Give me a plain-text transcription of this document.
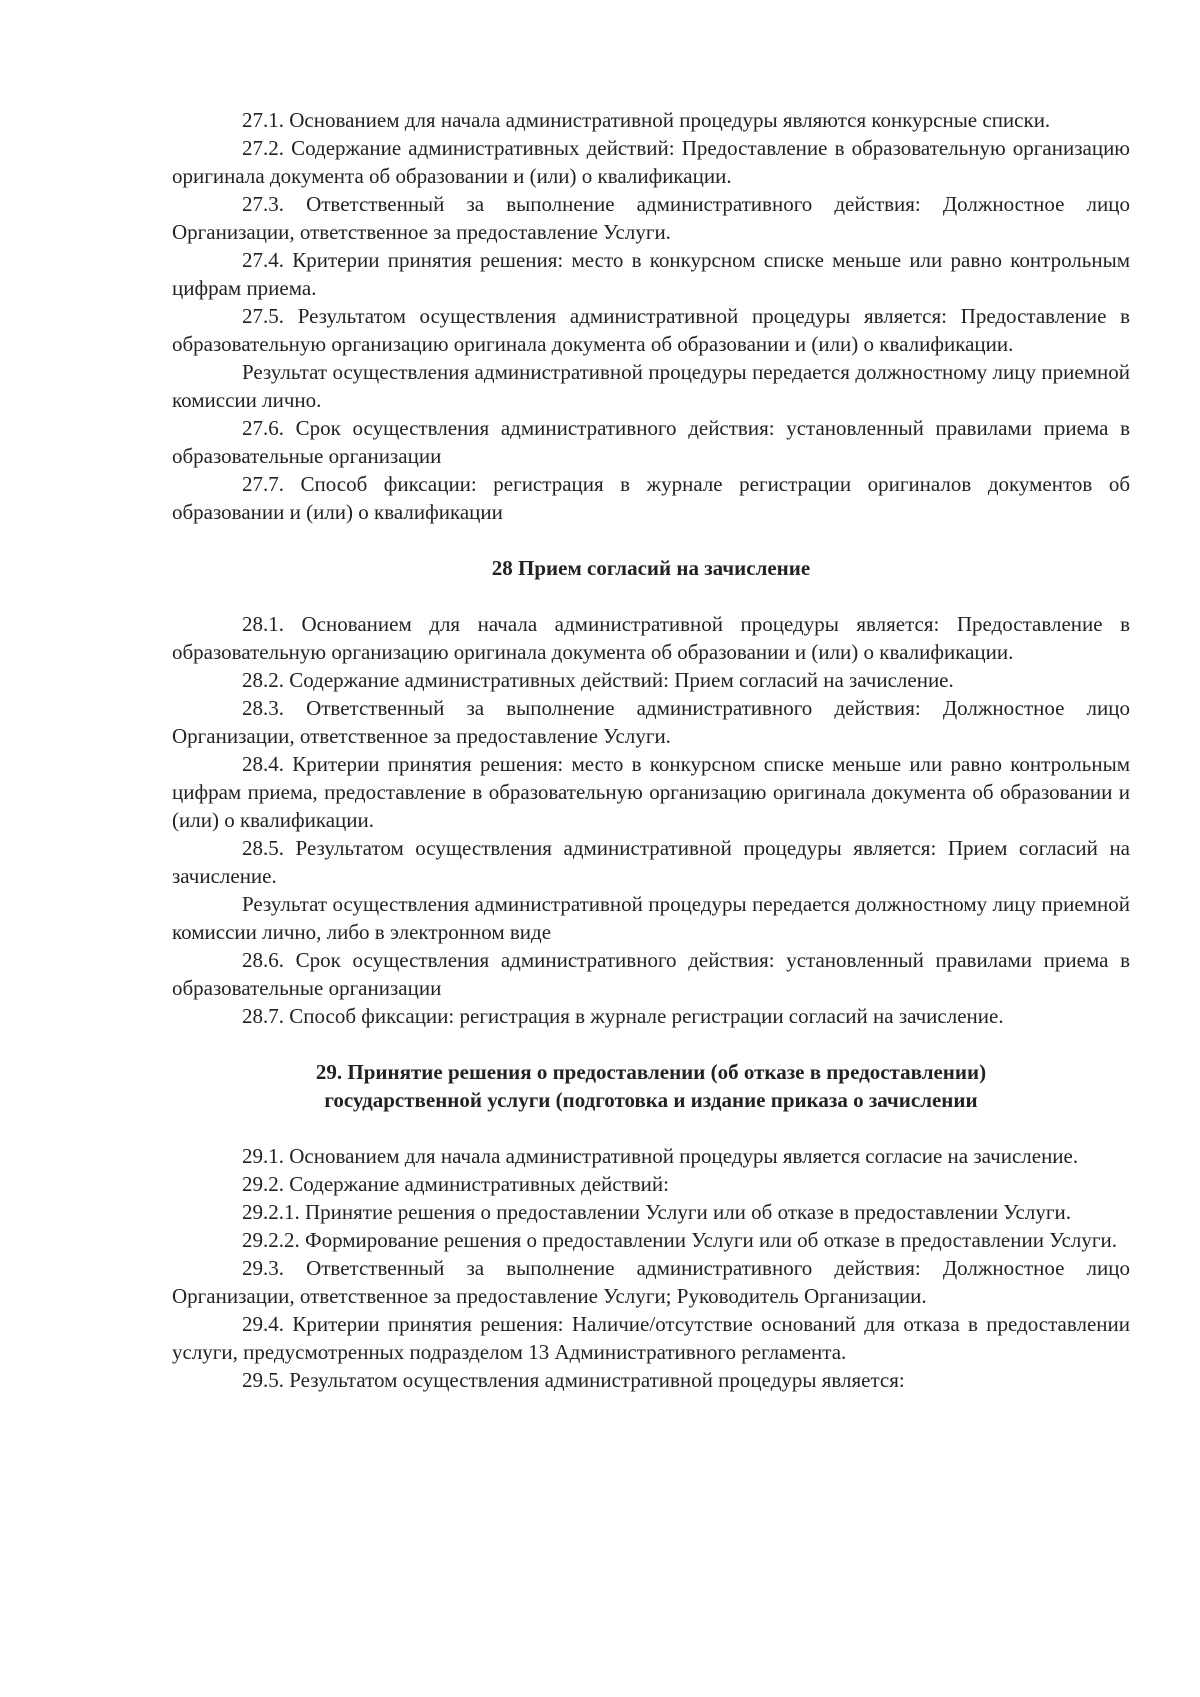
27.1. Основанием для начала административной процедуры являются конкурсные списки.

27.2. Содержание административных действий: Предоставление в образовательную организацию оригинала документа об образовании и (или) о квалификации.

27.3. Ответственный за выполнение административного действия: Должностное лицо Организации, ответственное за предоставление Услуги.

27.4. Критерии принятия решения: место в конкурсном списке меньше или равно контрольным цифрам приема.

27.5. Результатом осуществления административной процедуры является: Предоставление в образовательную организацию оригинала документа об образовании и (или) о квалификации.

Результат осуществления административной процедуры передается должностному лицу приемной комиссии лично.

27.6. Срок осуществления административного действия: установленный правилами приема в образовательные организации

27.7. Способ фиксации: регистрация в журнале регистрации оригиналов документов об образовании и (или) о квалификации

28 Прием согласий на зачисление

28.1. Основанием для начала административной процедуры является: Предоставление в образовательную организацию оригинала документа об образовании и (или) о квалификации.

28.2. Содержание административных действий: Прием согласий на зачисление.

28.3. Ответственный за выполнение административного действия: Должностное лицо Организации, ответственное за предоставление Услуги.

28.4. Критерии принятия решения: место в конкурсном списке меньше или равно контрольным цифрам приема, предоставление в образовательную организацию оригинала документа об образовании и (или) о квалификации.

28.5. Результатом осуществления административной процедуры является: Прием согласий на зачисление.

Результат осуществления административной процедуры передается должностному лицу приемной комиссии лично, либо в электронном виде

28.6. Срок осуществления административного действия: установленный правилами приема в образовательные организации

28.7. Способ фиксации: регистрация в журнале регистрации согласий на зачисление.

29. Принятие решения о предоставлении (об отказе в предоставлении)

государственной услуги (подготовка и издание приказа о зачислении

29.1. Основанием для начала административной процедуры является согласие на зачисление.

29.2. Содержание административных действий:

29.2.1. Принятие решения о предоставлении Услуги или об отказе в предоставлении Услуги.

29.2.2. Формирование решения о предоставлении Услуги или об отказе в предоставлении Услуги.

29.3. Ответственный за выполнение административного действия: Должностное лицо Организации, ответственное за предоставление Услуги; Руководитель Организации.

29.4. Критерии принятия решения: Наличие/отсутствие оснований для отказа в предоставлении услуги, предусмотренных подразделом 13 Административного регламента.

29.5. Результатом осуществления административной процедуры является:
